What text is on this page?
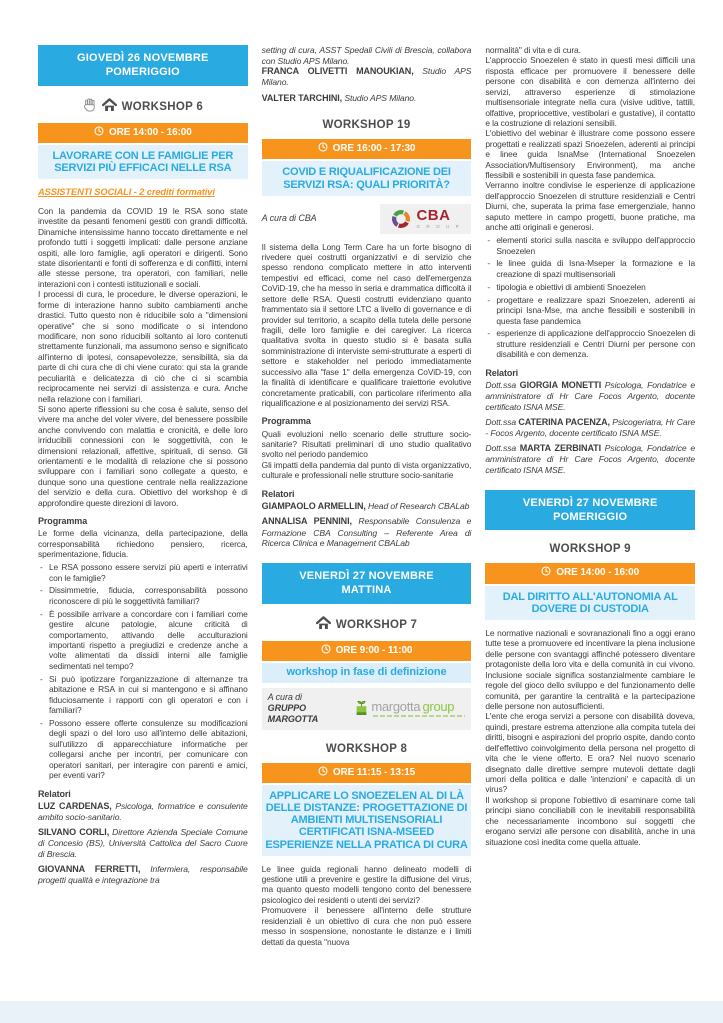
GIOVEDÌ 26 NOVEMBRE POMERIGGIO
WORKSHOP 6
ORE 14:00 - 16:00
LAVORARE CON LE FAMIGLIE PER SERVIZI PIÙ EFFICACI NELLE RSA
ASSISTENTI SOCIALI - 2 crediti formativi

Con la pandemia da COVID 19 le RSA sono state investite da pesanti fenomeni gestiti con grandi difficoltà. Dinamiche intensissime hanno toccato direttamente e nel profondo tutti i soggetti implicati: dalle persone anziane ospiti, alle loro famiglie, agli operatori e dirigenti. Sono state disorientanti e fonti di sofferenza e di conflitti, interni alle stesse persone, tra operatori, con familiari, nelle interazioni con i contesti istituzionali e sociali.

I processi di cura, le procedure, le diverse operazioni, le forme di interazione hanno subito cambiamenti anche drastici. Tutto questo non è riducibile solo a "dimensioni operative" che si sono modificate o si intendono modificare, non sono riducibili soltanto ai loro contenuti strettamente funzionali, ma assumono senso e significato all'interno di ipotesi, consapevolezze, sensibilità, sia da parte di chi cura che di chi viene curato: qui sta la grande peculiarità e delicatezza di ciò che ci si scambia reciprocamente nei servizi di assistenza e cura. Anche nella relazione con i familiari.

Si sono aperte riflessioni su che cosa è salute, senso del vivere ma anche del voler vivere, del benessere possibile anche convivendo con malattia e cronicità, e delle loro irriducibili connessioni con le soggettività, con le dimensioni relazionali, affettive, spirituali, di senso. Gli orientamenti e le modalità di relazione che si possono sviluppare con i familiari sono collegate a questo, e dunque sono una questione centrale nella realizzazione del servizio e della cura. Obiettivo del workshop è di approfondire queste direzioni di lavoro.

Programma

Le forme della vicinanza, della partecipazione, della corresponsabilità richiedono pensiero, ricerca, sperimentazione, fiducia.

- Le RSA possono essere servizi più aperti e interrativi con le famiglie?
- Dissimmetrie, fiducia, corresponsabilità possono riconoscere di più le soggettività familiari?
- È possibile arrivare a concordare con i familiari come gestire alcune patologie, alcune criticità di comportamento, attivando delle acculturazioni importanti rispetto a pregiudizi e credenze anche a volte alimentati da dissidi interni alle famiglie sedimentati nel tempo?
- Si può ipotizzare l'organizzazione di alternanze tra abitazione e RSA in cui si mantengono e si affinano fiduciosamente i rapporti con gli operatori e con i familiari?
- Possono essere offerte consulenze su modificazioni degli spazi o del loro uso all'interno delle abitazioni, sull'utilizzo di apparecchiature informatiche per collegarsi anche per incontri, per comunicare con operatori sanitari, per interagire con parenti e amici, per eventi vari?
Relatori

LUZ CARDENAS, Psicologa, formatrice e consulente ambito socio-sanitario.

SILVANO CORLI, Direttore Azienda Speciale Comune di Concesio (BS), Università Cattolica del Sacro Cuore di Brescia.

GIOVANNA FERRETTI, Infermiera, responsabile progetti qualità e integrazione tra

setting di cura, ASST Spedali Civili di Brescia, collabora con Studio APS Milano.

FRANCA OLIVETTI MANOUKIAN, Studio APS Milano.

VALTER TARCHINI, Studio APS Milano.

WORKSHOP 19
ORE 16:00 - 17:30
COVID E RIQUALIFICAZIONE DEI SERVIZI RSA: QUALI PRIORITÀ?
A cura di CBA	CBA
G R O U P

Il sistema della Long Term Care ha un forte bisogno di rivedere quei costrutti organizzativi e di servizio che spesso rendono complicato mettere in atto interventi tempestivi ed efficaci, come nel caso dell'emergenza CoViD-19, che ha messo in seria e drammatica difficoltà il settore delle RSA. Questi costrutti evidenziano quanto frammentato sia il settore LTC a livello di governance e di provider sul territorio, a scapito della tutela delle persone fragili, delle loro famiglie e dei caregiver. La ricerca qualitativa svolta in questo studio si è basata sulla somministrazione di interviste semi-strutturate a esperti di settore e stakeholder nel periodo immediatamente successivo alla "fase 1" della emergenza CoViD-19, con la finalità di identificare e qualificare traiettorie evolutive concretamente praticabili, con particolare riferimento alla riqualificazione e al posizionamento dei servizi RSA.

Programma

Quali evoluzioni nello scenario delle strutture socio-sanitarie? Risultati preliminari di uno studio qualitativo svolto nel periodo pandemico

Gli impatti della pandemia dal punto di vista organizzativo, culturale e professionali nelle strutture socio-sanitarie

Relatori

GIAMPAOLO ARMELLIN, Head of Research CBALab

ANNALISA PENNINI, Responsabile Consulenza e Formazione CBA Consulting – Referente Area di Ricerca Clinica e Management CBALab

VENERDÌ 27 NOVEMBRE MATTINA
WORKSHOP 7
ORE 9:00 - 11:00
workshop in fase di definizione
A cura di
GRUPPO MARGOTTA
margotta group
WORKSHOP 8
ORE 11:15 - 13:15
APPLICARE LO SNOEZELEN AL DI LÀ DELLE DISTANZE: PROGETTAZIONE DI AMBIENTI MULTISENSORIALI CERTIFICATI ISNA-MSEED ESPERIENZE NELLA PRATICA DI CURA

Le linee guida regionali hanno delineato modelli di gestione utili a prevenire e gestire la diffusione del virus, ma quanto questo modelli tengono conto del benessere psicologico dei residenti o utenti dei servizi?

Promuovere il benessere all'interno delle strutture residenziali è un obiettivo di cura che non può essere messo in sospensione, nonostante le distanze e i limiti dettati da questa "nuova

normalità" di vita e di cura.

L'approccio Snoezelen è stato in questi mesi difficili una risposta efficace per promuovere il benessere delle persone con disabilità e con demenza all'interno dei servizi, attraverso esperienze di stimolazione multisensoriale integrate nella cura (visive uditive, tattili, olfattive, propriocettive, vestibolari e gustative), il contatto e la costruzione di relazioni sensibili.

L'obiettivo del webinar è illustrare come possono essere progettati e realizzati spazi Snoezelen, aderenti ai principi e linee guida IsnaMse (International Snoezelen Association/Multisensory Environment), ma anche flessibili e sostenibili in questa fase pandemica.

Verranno inoltre condivise le esperienze di applicazione dell'approccio Snoezelen di strutture residenziali e Centri Diurni, che, superata la prima fase emergenziale, hanno saputo mettere in campo progetti, buone pratiche, ma anche atti originali e generosi.

- elementi storici sulla nascita e sviluppo dell'approccio Snoezelen
- le linee guida di Isna-Mseper la formazione e la creazione di spazi multisensoriali
- tipologia e obiettivi di ambienti Snoezelen
- progettare e realizzare spazi Snoezelen, aderenti ai principi Isna-Mse, ma anche flessibili e sostenibili in questa fase pandemica
- esperienze di applicazione dell'approccio Snoezelen di strutture residenziali e Centri Diurni per persone con disabilità e con demenza.
Relatori

Dott.ssa GIORGIA MONETTI Psicologa, Fondatrice e amministratore di Hr Care Focos Argento, docente certificato ISNA MSE.

Dott.ssa CATERINA PACENZA, Psicogeriatra, Hr Care - Focos Argento, docente certificato ISNA MSE.

Dott.ssa MARTA ZERBINATI Psicologa, Fondatrice e amministratore di Hr Care Focos Argento, docente certificato ISNA MSE.

VENERDÌ 27 NOVEMBRE POMERIGGIO
WORKSHOP 9
ORE 14:00 - 16:00
DAL DIRITTO ALL'AUTONOMIA AL DOVERE DI CUSTODIA

Le normative nazionali e sovranazionali fino a oggi erano tutte tese a promuovere ed incentivare la piena inclusione delle persone con svantaggi affinché potessero diventare protagoniste della loro vita e della comunità in cui vivono. Inclusione sociale significa sostanzialmente cambiare le regole del gioco dello sviluppo e del funzionamento delle comunità, per garantire la centralità e la partecipazione delle persone non autosufficienti.

L'ente che eroga servizi a persone con disabilità doveva, quindi, prestare estrema attenzione alla compita tutela dei diritti, bisogni e aspirazioni del proprio ospite, dando conto dell'effettivo coinvolgimento della persona nel progetto di vita che le viene offerto. E ora? Nel nuovo scenario disegnato dalle direttive sempre mutevoli dettate dagli umori della politica e dalle 'intenzioni' e capacità di un virus?

Il workshop si propone l'obiettivo di esaminare come tali principi siano conciliabili con le inevitabili responsabilità che necessariamente incombono sui soggetti che erogano servizi alle persone con disabilità, anche in una situazione così inedita come quella attuale.
